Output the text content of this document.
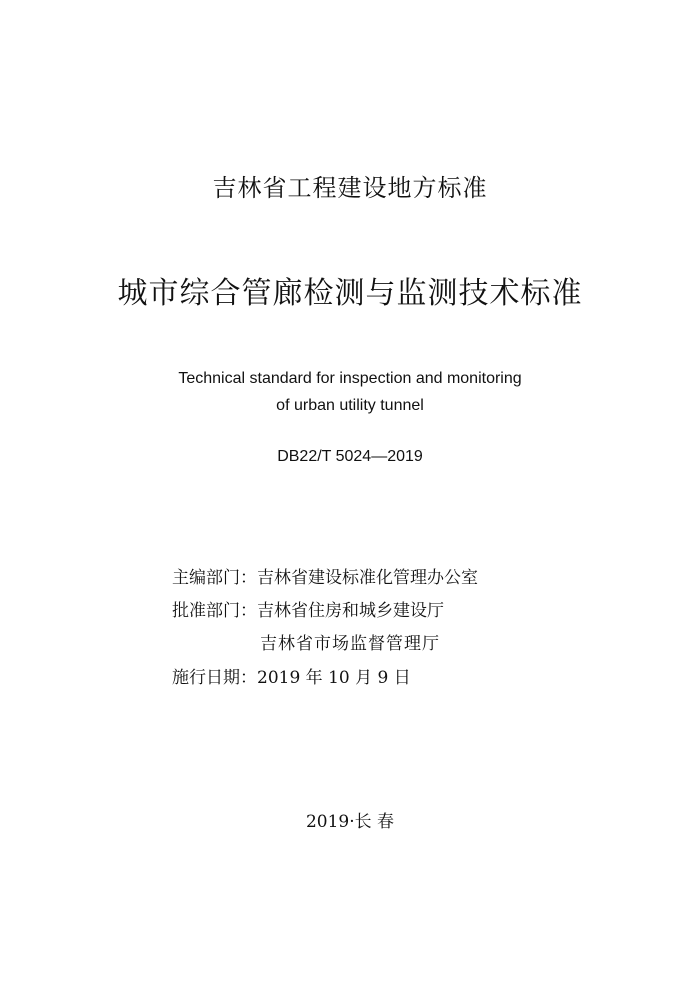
吉林省工程建设地方标准
城市综合管廊检测与监测技术标准
Technical standard for inspection and monitoring
of urban utility tunnel
DB22/T 5024—2019
主编部门：吉林省建设标准化管理办公室
批准部门：吉林省住房和城乡建设厅
吉林省市场监督管理厅
施行日期：2019 年 10 月 9 日
2019·长 春
